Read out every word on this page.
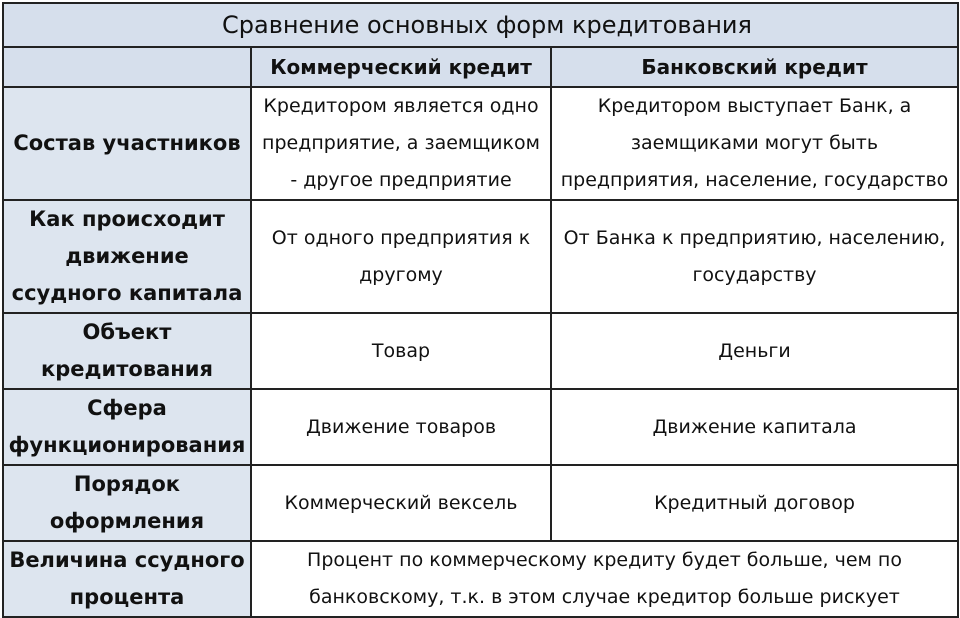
Сравнение основных форм кредитования		
	Коммерческий кредит	Банковский кредит
Состав участников	Кредитором является одно предприятие, а заемщиком - другое предприятие	Кредитором выступает Банк, а заемщиками могут быть предприятия, население, государство
Как происходит движение ссудного капитала	От одного предприятия к другому	От Банка к предприятию, населению, государству
Объект кредитования	Товар	Деньги
Сфера функционирования	Движение товаров	Движение капитала
Порядок оформления	Коммерческий вексель	Кредитный договор
Величина ссудного процента	Процент по коммерческому кредиту будет больше, чем по банковскому, т.к. в этом случае кредитор больше рискует	
